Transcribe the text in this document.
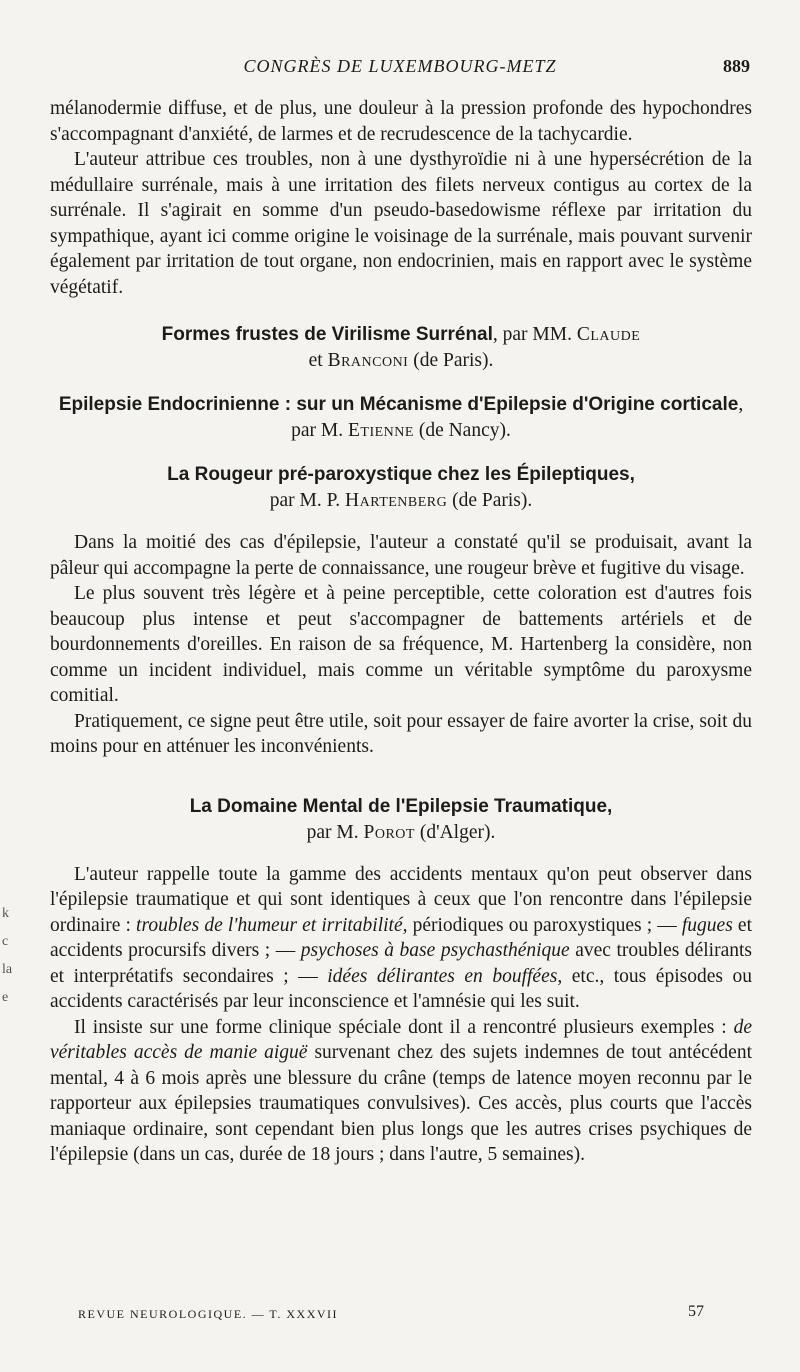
CONGRÈS DE LUXEMBOURG-METZ	889
k
c
la
e

mélanodermie diffuse, et de plus, une douleur à la pression profonde des hypochondres s'accompagnant d'anxiété, de larmes et de recrudescence de la tachycardie.

L'auteur attribue ces troubles, non à une dysthyroïdie ni à une hypersécrétion de la médullaire surrénale, mais à une irritation des filets nerveux contigus au cortex de la surrénale. Il s'agirait en somme d'un pseudo-basedowisme réflexe par irritation du sympathique, ayant ici comme origine le voisinage de la surrénale, mais pouvant survenir également par irritation de tout organe, non endocrinien, mais en rapport avec le système végétatif.

Formes frustes de Virilisme Surrénal, par MM. Claude
et Branconi (de Paris).
Epilepsie Endocrinienne : sur un Mécanisme d'Epilepsie d'Origine corticale, par M. Etienne (de Nancy).
La Rougeur pré-paroxystique chez les Épileptiques,
par M. P. Hartenberg (de Paris).

Dans la moitié des cas d'épilepsie, l'auteur a constaté qu'il se produisait, avant la pâleur qui accompagne la perte de connaissance, une rougeur brève et fugitive du visage.

Le plus souvent très légère et à peine perceptible, cette coloration est d'autres fois beaucoup plus intense et peut s'accompagner de battements artériels et de bourdonnements d'oreilles. En raison de sa fréquence, M. Hartenberg la considère, non comme un incident individuel, mais comme un véritable symptôme du paroxysme comitial.

Pratiquement, ce signe peut être utile, soit pour essayer de faire avorter la crise, soit du moins pour en atténuer les inconvénients.

La Domaine Mental de l'Epilepsie Traumatique,
par M. Porot (d'Alger).

L'auteur rappelle toute la gamme des accidents mentaux qu'on peut observer dans l'épilepsie traumatique et qui sont identiques à ceux que l'on rencontre dans l'épilepsie ordinaire : troubles de l'humeur et irritabilité, périodiques ou paroxystiques ; — fugues et accidents procursifs divers ; — psychoses à base psychasthénique avec troubles délirants et interprétatifs secondaires ; — idées délirantes en bouffées, etc., tous épisodes ou accidents caractérisés par leur inconscience et l'amnésie qui les suit.

Il insiste sur une forme clinique spéciale dont il a rencontré plusieurs exemples : de véritables accès de manie aiguë survenant chez des sujets indemnes de tout antécédent mental, 4 à 6 mois après une blessure du crâne (temps de latence moyen reconnu par le rapporteur aux épilepsies traumatiques convulsives). Ces accès, plus courts que l'accès maniaque ordinaire, sont cependant bien plus longs que les autres crises psychiques de l'épilepsie (dans un cas, durée de 18 jours ; dans l'autre, 5 semaines).

REVUE NEUROLOGIQUE. — T. XXXVII	57
